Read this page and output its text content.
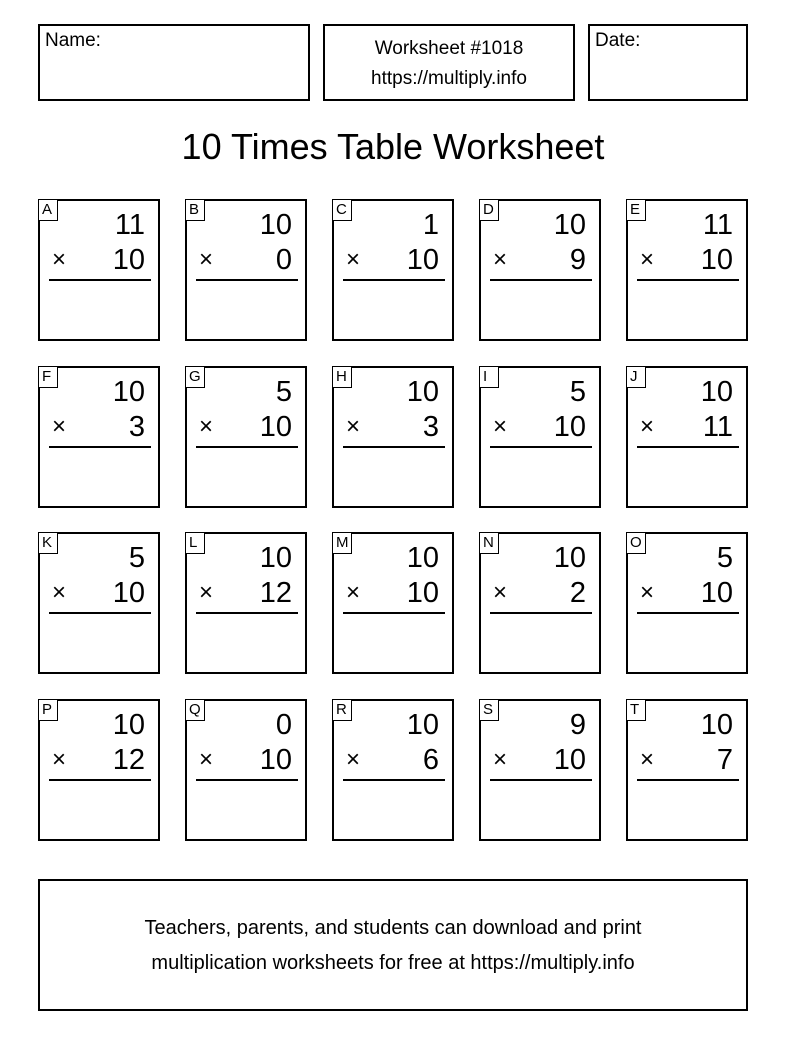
Name:	Worksheet #1018
https://multiply.info
Date:
10 Times Table Worksheet
A 11
× 10
B 10
× 0
C	1
× 10
D 10
× 9
E 11
× 10
F 10
× 3
G	5
× 10
H 10
× 3
I	5
× 10
J 10
× 11
K	5
× 10
L 10
× 12
M 10
× 10
N 10
× 2
O	5
× 10
P 10
× 12
Q	0
× 10
R 10
× 6
S	9
× 10
T 10
× 7
Teachers, parents, and students can download and print
multiplication worksheets for free at https://multiply.info
